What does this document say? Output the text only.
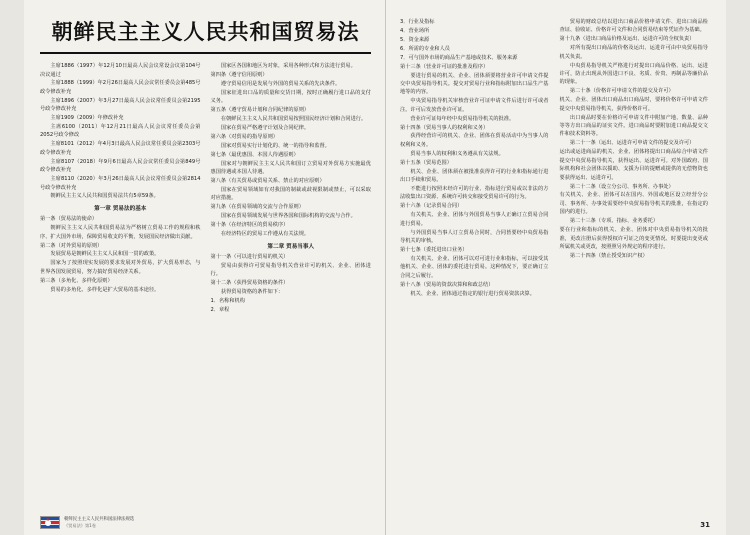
朝鲜民主主义人民共和国贸易法

主席1886（1997）年12月10日最高人民会议常设会议第104号决议通过

主席1888（1999）年2月26日最高人民会议常任委员会第485号政令修改补充

主席1896（2007）年3月27日最高人民会议常任委员会第2195号政令修改补充

主席1909（2009）年修改补充

主席6100（2011）年12月21日最高人民会议常任委员会第2052号政令修改

主席8101（2012）年4月3日最高人民会议常任委员会第2303号政令修改补充

主席8107（2018）年9月6日最高人民会议常任委员会第849号政令修改补充

主席8110（2020）年3月26日最高人民会议常任委员会第2814号政令修改补充

朝鲜民主主义人民共和国贸易法共有5章59条。

第一章 贸易法的基本

第一条（贸易法的使命）

朝鲜民主主义人民共和国贸易法为严格树立贸易工作的规程和秩序、扩大国外市场，保障贸易收支的平衡，发展国民经济做出贡献。

第二条（对外贸易的原则）

发展贸易是朝鲜民主主义人民和国一贯的政策。

国家为了按照现实发展的要求发展对外贸易，扩大贸易形态，与世界各国发展贸易，努力搞好贸易经济关系。

第三条（多角化、多样化原则）

贸易的多角化、多样化是扩大贸易的基本途径。

国家区各国和地区为对象，采用各种形式和方法进行贸易。

第四条（遵守信用原则）

遵守贸易信用是发展与外国的贸易关系的先决条件。

国家征进出口品的质量和交货日期，按时正确履行进口品的支付义务。

第五条（遵守贸易计划和合同纪律的原则）

在朝鲜民主主义人民共和国贸易按照国民经济计划和合同进行。

国家在贸易严格遵守计划及合同纪律。

第六条（对贸易的指导原则）

国家对贸易实行计划化的、统一的指导和监督。

第七条（最优惠国、本国人待遇原则）

国家对与朝鲜民主主义人民共和国订立贸易对外贸易方实施最优惠国待遇或本国人待遇。

第八条（有关贸易或贸易关系、禁止的对应原则）

国家在贸易领域如有对我国的制裁或歧视限制或禁止，可以采取对应措施。

第九条（在贸易领域的交流与合作原则）

国家在贸易领域发展与世界各国和国际机构的交流与合作。

第十条（在经济特区的贸易秩序）

在经济特区的贸易工作遵从有关法规。

第二章 贸易当事人

第十一条（可以进行贸易的机关）

贸易由获得许可贸易指导机关营业许可的机关、企业、团体进行。

第十二条（获得贸易资格的条件）

获得贸易资格的条件如下：

1．名称和机构

2．章程

★
朝鲜民主主义人民共和国法律法规选
《贸易法》第1卷

3．行业及指标

4．营业场所

5．资金来源

6．所需的专业和人员

7．可与国外市场的商品生产基地或技术、服务来源

第十三条（营业许可证的批准及程序）

要进行贸易的机关、企业、团体须要将营业许可申请文件提交中央贸易指导机关。提交对贸易行业和指标附加出口品生产基地等的内容。

中央贸易指导机关审核营业许可证申请文件后进行许可或者注。许可后发放营业许可证。

营业许可证每年经中央贸易指导机关的批准。

第十四条（贸易当事人的权利和义务）

获得经营许可的机关、企业、团体在贸易活动中为当事人的权利和义务。

贸易当事人的权利和义务遵从有关法规。

第十五条（贸易范围）

机关、企业、团体须在被批准获得许可的行业和指标通行进出口手续和贸易。

不能进行按照未经许可的行业、指标进行贸易或以非法的方法收集出口资源、系统许可转交和接受贸易许可的行为。

第十六条（记录贸易合同）

有关机关、企业、团体与外国贸易当事人正确订立贸易合同进行贸易。

与外国贸易当事人订立贸易合同时，合同皆要经中央贸易指导机关的审核。

第十七条（委托进出口业务）

有关机关、企业、团体可以对可进行业和指标，可以接受其他机关、企业、团体的委托进行贸易。这种情况下，要正确订立合同之后履行。

第十八条（贸易的资款决算和和政总结）

机关、企业、团体通过指定的银行进行贸易资款决算。

贸易的财政总结以进出口商品价格申请文件、进出口商品检查证、验收证、价格许可文件和合同贸易结束等凭证作为基础。

第十九条（进出口商品价格及运出、运进许可的全权负责）

对所有提出口商品的价格及运出、运进许可由中央贸易指导机关负责。

中央贸易指导机关严格进行对提出口商品价格、运出、运进许可，防止出现从外国进口不良、劣质、价贵、再制品等廉价品的现象。

第二十条（价格许可申请文件的提交及许可）

机关、企业、团体出口商品出口商品时，要将价格许可申请文件提交中央贸易指导机关，获得价格许可。

出口商品时要在价格许可申请文件中附加产地、数量、品种等等方出口商品的证实文件。进口商品时要附加进口商品提交文件和技术资料等。

第二十一条（运出、运进许可申请文件的提交及许可）

运出或运进商品的机关、企业、团体将提出口商品综合申请文件提交中央贸易指导机关，获得运出、运进许可。对外国政府、国际机构和社会团体以援助、支援为目的提赠或提供的无偿物资也要获得运出、运进许可。

第二十二条（设立分公司、事务所、办事处）

有关机关、企业、团体可以在国内、外国或地区设立经营分公司、事务所、办事处需要经中央贸易指导机关的批准，在指定的国内的进行。

第二十三条（专项、指标、业务委托）

要在行业和指标的机关、企业、团体对中央贸易指导机关的批准，更改注册后获得授权许可证之的变更情况、时要提出变更或所属机关或更改，按照照另外规定的程序进行。

第二十四条（禁止授受知识产权）

31
